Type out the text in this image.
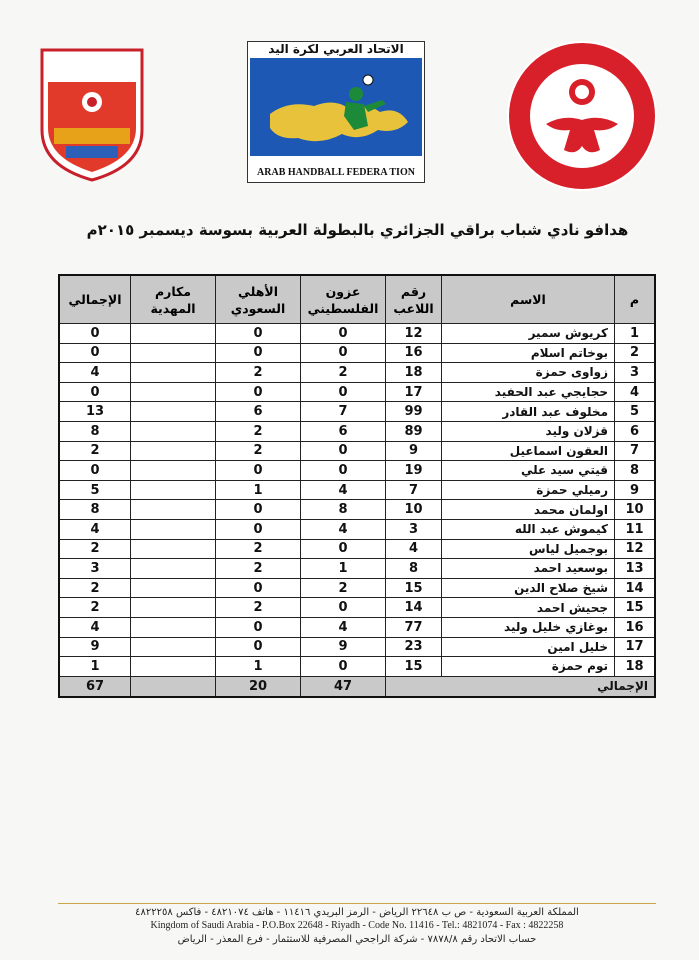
الاتحاد العربي لكرة اليد
ARAB HANDBALL FEDERA TION
هدافو نادي شباب براقي الجزائري بالبطولة العربية بسوسة ديسمبر ٢٠١٥م
م	الاسم	رقم اللاعب	عزون الفلسطيني	الأهلي السعودي	مكارم المهدية	الإجمالي
1	كريوش سمير	12	0	0		0
2	بوخاتم اسلام	16	0	0		0
3	زواوى حمزة	18	2	2		4
4	حجايجي عبد الحفيد	17	0	0		0
5	مخلوف عبد القادر	99	7	6		13
6	قزلان وليد	89	6	2		8
7	العقون اسماعيل	9	0	2		2
8	قيتي سيد علي	19	0	0		0
9	رميلي حمزة	7	4	1		5
10	اولمان محمد	10	8	0		8
11	كيموش عبد الله	3	4	0		4
12	بوجميل لياس	4	0	2		2
13	بوسعيد احمد	8	1	2		3
14	شيخ صلاح الدين	15	2	0		2
15	جحيش احمد	14	0	2		2
16	بوغازي خليل وليد	77	4	0		4
17	خليل امين	23	9	0		9
18	توم حمزة	15	0	1		1
الإجمالي			47	20		67
المملكة العربية السعودية - ص ب ٢٢٦٤٨ الرياض - الرمز البريدي ١١٤١٦ - هاتف ٤٨٢١٠٧٤ - فاكس ٤٨٢٢٢٥٨
Kingdom of Saudi Arabia - P.O.Box 22648 - Riyadh - Code No. 11416 - Tel.: 4821074 - Fax : 4822258
حساب الاتحاد رقم ٧٨٧٨/٨ - شركة الراجحي المصرفية للاستثمار - فرع المعذر - الرياض
